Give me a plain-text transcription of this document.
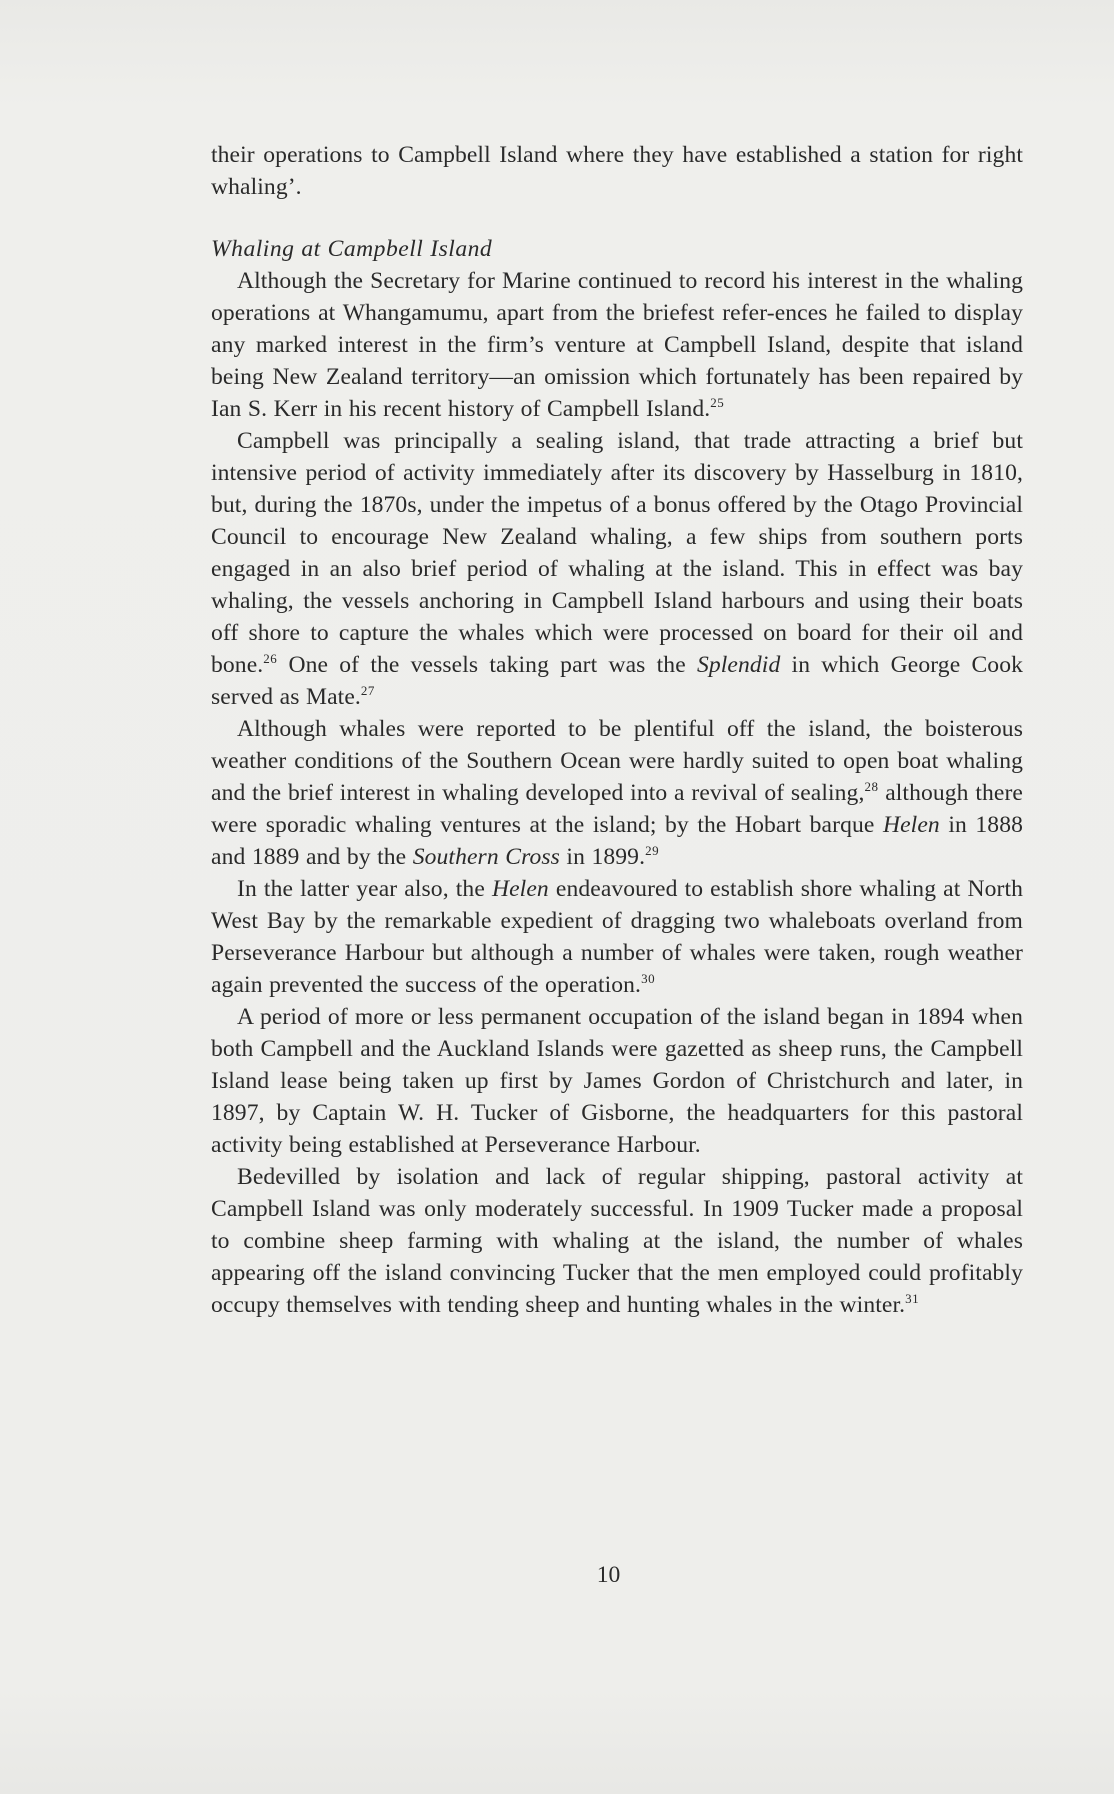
their operations to Campbell Island where they have established a station for right whaling’.

Whaling at Campbell Island

Although the Secretary for Marine continued to record his interest in the whaling operations at Whangamumu, apart from the briefest refer-ences he failed to display any marked interest in the firm’s venture at Campbell Island, despite that island being New Zealand territory—an omission which fortunately has been repaired by Ian S. Kerr in his recent history of Campbell Island.$^{25}$

Campbell was principally a sealing island, that trade attracting a brief but intensive period of activity immediately after its discovery by Hasselburg in 1810, but, during the 1870s, under the impetus of a bonus offered by the Otago Provincial Council to encourage New Zealand whaling, a few ships from southern ports engaged in an also brief period of whaling at the island. This in effect was bay whaling, the vessels anchoring in Campbell Island harbours and using their boats off shore to capture the whales which were processed on board for their oil and bone.$^{26}$ One of the vessels taking part was the Splendid in which George Cook served as Mate.$^{27}$

Although whales were reported to be plentiful off the island, the boisterous weather conditions of the Southern Ocean were hardly suited to open boat whaling and the brief interest in whaling developed into a revival of sealing,$^{28}$ although there were sporadic whaling ventures at the island; by the Hobart barque Helen in 1888 and 1889 and by the Southern Cross in 1899.29

In the latter year also, the Helen endeavoured to establish shore whaling at North West Bay by the remarkable expedient of dragging two whaleboats overland from Perseverance Harbour but although a number of whales were taken, rough weather again prevented the success of the operation.$^{30}$

A period of more or less permanent occupation of the island began in 1894 when both Campbell and the Auckland Islands were gazetted as sheep runs, the Campbell Island lease being taken up first by James Gordon of Christchurch and later, in 1897, by Captain W. H. Tucker of Gisborne, the headquarters for this pastoral activity being established at Perseverance Harbour.

Bedevilled by isolation and lack of regular shipping, pastoral activity at Campbell Island was only moderately successful. In 1909 Tucker made a proposal to combine sheep farming with whaling at the island, the number of whales appearing off the island convincing Tucker that the men employed could profitably occupy themselves with tending sheep and hunting whales in the winter.$^{31}$

10
